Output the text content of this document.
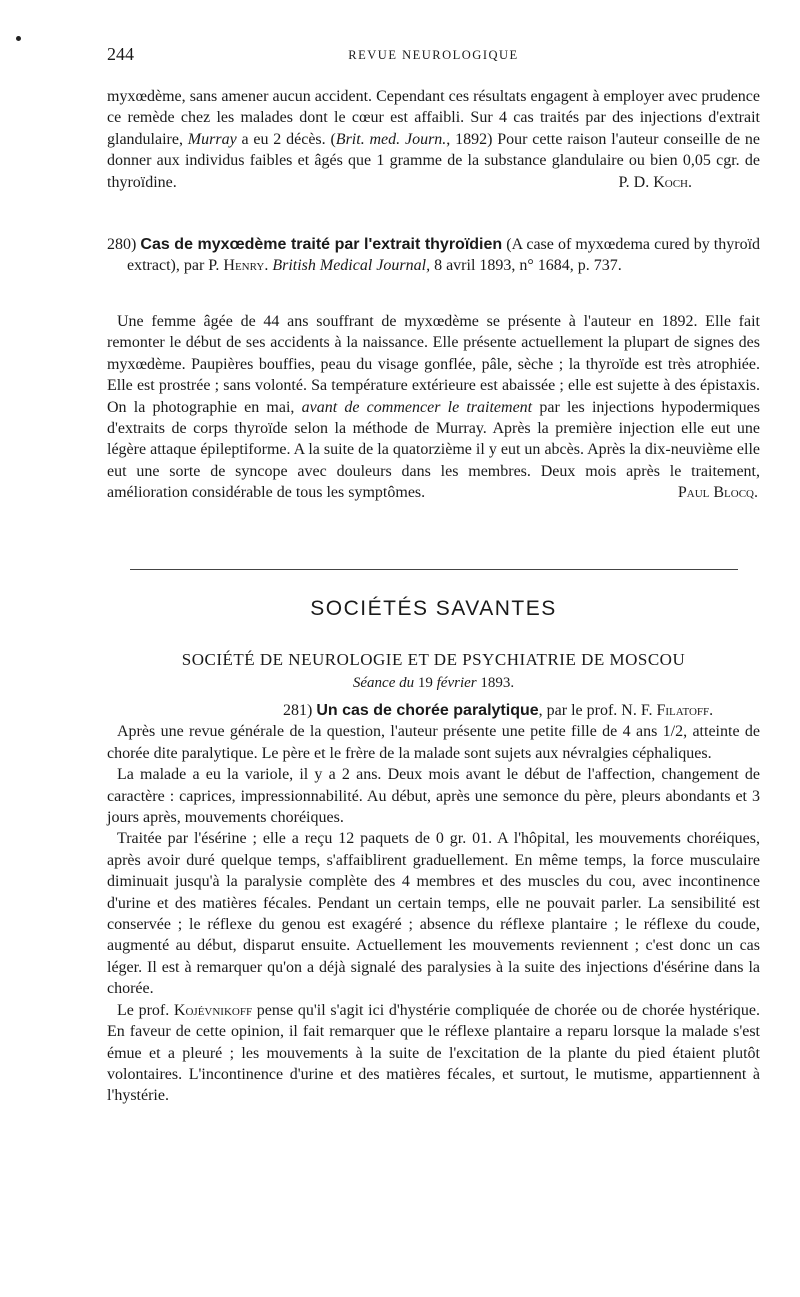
244	REVUE NEUROLOGIQUE

myxœdème, sans amener aucun accident. Cependant ces résultats engagent à employer avec prudence ce remède chez les malades dont le cœur est affaibli. Sur 4 cas traités par des injections d'extrait glandulaire, Murray a eu 2 décès. (Brit. med. Journ., 1892) Pour cette raison l'auteur conseille de ne donner aux individus faibles et âgés que 1 gramme de la substance glandulaire ou bien 0,05 cgr. de thyroïdine.	P. D. Koch.

280) Cas de myxœdème traité par l'extrait thyroïdien (A case of myxœdema cured by thyroïd extract), par P. Henry. British Medical Journal, 8 avril 1893, n° 1684, p. 737.

Une femme âgée de 44 ans souffrant de myxœdème se présente à l'auteur en 1892. Elle fait remonter le début de ses accidents à la naissance. Elle présente actuellement la plupart de signes des myxœdème. Paupières bouffies, peau du visage gonflée, pâle, sèche ; la thyroïde est très atrophiée. Elle est prostrée ; sans volonté. Sa température extérieure est abaissée ; elle est sujette à des épistaxis. On la photographie en mai, avant de commencer le traitement par les injections hypodermiques d'extraits de corps thyroïde selon la méthode de Murray. Après la première injection elle eut une légère attaque épileptiforme. A la suite de la quatorzième il y eut un abcès. Après la dix-neuvième elle eut une sorte de syncope avec douleurs dans les membres. Deux mois après le traitement, amélioration considérable de tous les symptômes.	Paul Blocq.
SOCIÉTÉS SAVANTES
SOCIÉTÉ DE NEUROLOGIE ET DE PSYCHIATRIE DE MOSCOU
Séance du 19 février 1893.

281) Un cas de chorée paralytique, par le prof. N. F. Filatoff.

Après une revue générale de la question, l'auteur présente une petite fille de 4 ans 1/2, atteinte de chorée dite paralytique. Le père et le frère de la malade sont sujets aux névralgies céphaliques.

La malade a eu la variole, il y a 2 ans. Deux mois avant le début de l'affection, changement de caractère : caprices, impressionnabilité. Au début, après une semonce du père, pleurs abondants et 3 jours après, mouvements choréiques.

Traitée par l'ésérine ; elle a reçu 12 paquets de 0 gr. 01. A l'hôpital, les mouvements choréiques, après avoir duré quelque temps, s'affaiblirent graduellement. En même temps, la force musculaire diminuait jusqu'à la paralysie complète des 4 membres et des muscles du cou, avec incontinence d'urine et des matières fécales. Pendant un certain temps, elle ne pouvait parler. La sensibilité est conservée ; le réflexe du genou est exagéré ; absence du réflexe plantaire ; le réflexe du coude, augmenté au début, disparut ensuite. Actuellement les mouvements reviennent ; c'est donc un cas léger. Il est à remarquer qu'on a déjà signalé des paralysies à la suite des injections d'ésérine dans la chorée.

Le prof. Kojévnikoff pense qu'il s'agit ici d'hystérie compliquée de chorée ou de chorée hystérique. En faveur de cette opinion, il fait remarquer que le réflexe plantaire a reparu lorsque la malade s'est émue et a pleuré ; les mouvements à la suite de l'excitation de la plante du pied étaient plutôt volontaires. L'incontinence d'urine et des matières fécales, et surtout, le mutisme, appartiennent à l'hystérie.
